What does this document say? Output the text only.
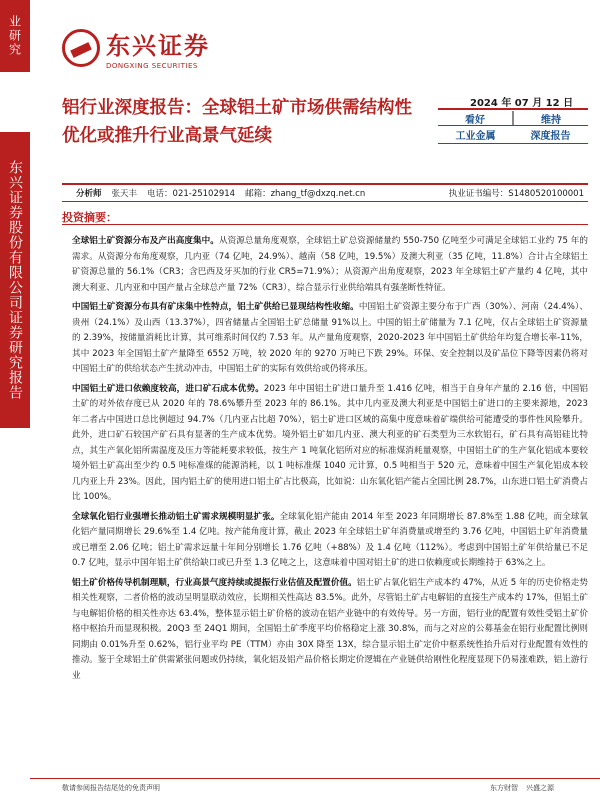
业研究
东兴证券股份有限公司证券研究报告
东兴证券
DONGXING SECURITIES
铝行业深度报告：全球铝土矿市场供需结构性优化或推升行业高景气延续
2024 年 07 月 12 日
看好	维持
工业金属	深度报告
分析师 张天丰 电话：021-25102914 邮箱：zhang_tf@dxzq.net.cn	执业证书编号：S1480520100001
投资摘要：

全球铝土矿资源分布及产出高度集中。从资源总量角度观察，全球铝土矿总资源储量约 550-750 亿吨至少可满足全球铝工业约 75 年的需求。从资源分布角度观察，几内亚（74 亿吨，24.9%）、越南（58 亿吨，19.5%）及澳大利亚（35 亿吨，11.8%）合计占全球铝土矿资源总量的 56.1%（CR3；含巴西及牙买加的行业 CR5=71.9%）；从资源产出角度观察，2023 年全球铝土矿产量约 4 亿吨，其中澳大利亚、几内亚和中国产量占全球总产量 72%（CR3），综合显示行业供给端具有强垄断性特征。

中国铝土矿资源分布具有矿床集中性特点，铝土矿供给已显现结构性收缩。中国铝土矿资源主要分布于广西（30%）、河南（24.4%）、贵州（24.1%）及山西（13.37%），四省储量占全国铝土矿总储量 91%以上。中国的铝土矿储量为 7.1 亿吨，仅占全球铝土矿资源量的 2.39%，按储量消耗比计算，其可维系时间仅约 7.53 年。从产量角度观察，2020-2023 年中国铝土矿供给年均复合增长率-11%，其中 2023 年全国铝土矿产量降至 6552 万吨，较 2020 年的 9270 万吨已下跌 29%。环保、安全控制以及矿品位下降等因素仍将对中国铝土矿的供给状态产生扰动冲击，中国铝土矿的实际有效供给或仍将承压。

中国铝土矿进口依赖度较高，进口矿石成本优势。2023 年中国铝土矿进口量升至 1.416 亿吨，相当于自身年产量的 2.16 倍，中国铝土矿的对外依存度已从 2020 年的 78.6%攀升至 2023 年的 86.1%。其中几内亚及澳大利亚是中国铝土矿进口的主要来源地，2023 年二者占中国进口总比例超过 94.7%（几内亚占比超 70%），铝土矿进口区域的高集中度意味着矿端供给可能遭受的事件性风险攀升。此外，进口矿石较国产矿石具有显著的生产成本优势。境外铝土矿如几内亚、澳大利亚的矿石类型为三水软铝石，矿石具有高铝硅比特点，其生产氧化铝所需温度及压力等能耗要求较低，按生产 1 吨氧化铝所对应的标准煤消耗量观察，中国铝土矿的生产氧化铝成本要较境外铝土矿高出至少约 0.5 吨标准煤的能源消耗，以 1 吨标准煤 1040 元计算，0.5 吨相当于 520 元，意味着中国生产氧化铝成本较几内亚上升 23%。因此，国内铝土矿的使用进口铝土矿占比极高，比如说：山东氧化铝产能占全国比例 28.7%，山东进口铝土矿消费占比 100%。

全球氧化铝行业强增长推动铝土矿需求规模明显扩张。全球氧化铝产能由 2014 年至 2023 年同期增长 87.8%至 1.88 亿吨，而全球氧化铝产量同期增长 29.6%至 1.4 亿吨。按产能角度计算，截止 2023 年全球铝土矿年消费量或增至约 3.76 亿吨，中国铝土矿年消费量或已增至 2.06 亿吨；铝土矿需求远量十年间分别增长 1.76 亿吨（+88%）及 1.4 亿吨（112%）。考虑到中国铝土矿年供给量已不足 0.7 亿吨，显示中国年铝土矿供给缺口或已升至 1.3 亿吨之上，这意味着中国对铝土矿的进口依赖度或长期维持于 63%之上。

铝土矿价格传导机制理顺，行业高景气度持续或提振行业估值及配置价值。铝土矿占氧化铝生产成本约 47%，从近 5 年的历史价格走势相关性观察，二者价格的波动呈明显联动效应，长期相关性高达 83.5%。此外，尽管铝土矿占电解铝的直接生产成本约 17%，但铝土矿与电解铝价格的相关性亦达 63.4%，整体显示铝土矿价格的波动在铝产业链中的有效传导。另一方面，铝行业的配置有效性受铝土矿价格中枢抬升而显现积极。20Q3 至 24Q1 期间，全国铝土矿季度平均价格稳定上涨 30.8%，而与之对应的公募基金在铝行业配置比例则同期由 0.01%升至 0.62%，铝行业平均 PE（TTM）亦由 30X 降至 13X，综合显示铝土矿定价中枢系统性抬升后对行业配置有效性的推动。鉴于全球铝土矿供需紧张问题或仍持续，氧化铝及铝产品价格长期定价逻辑在产业链供给刚性化程度显现下仍易涨难跌，铝上游行业

敬请参阅报告结尾处的免责声明	东方财智 兴盛之源
